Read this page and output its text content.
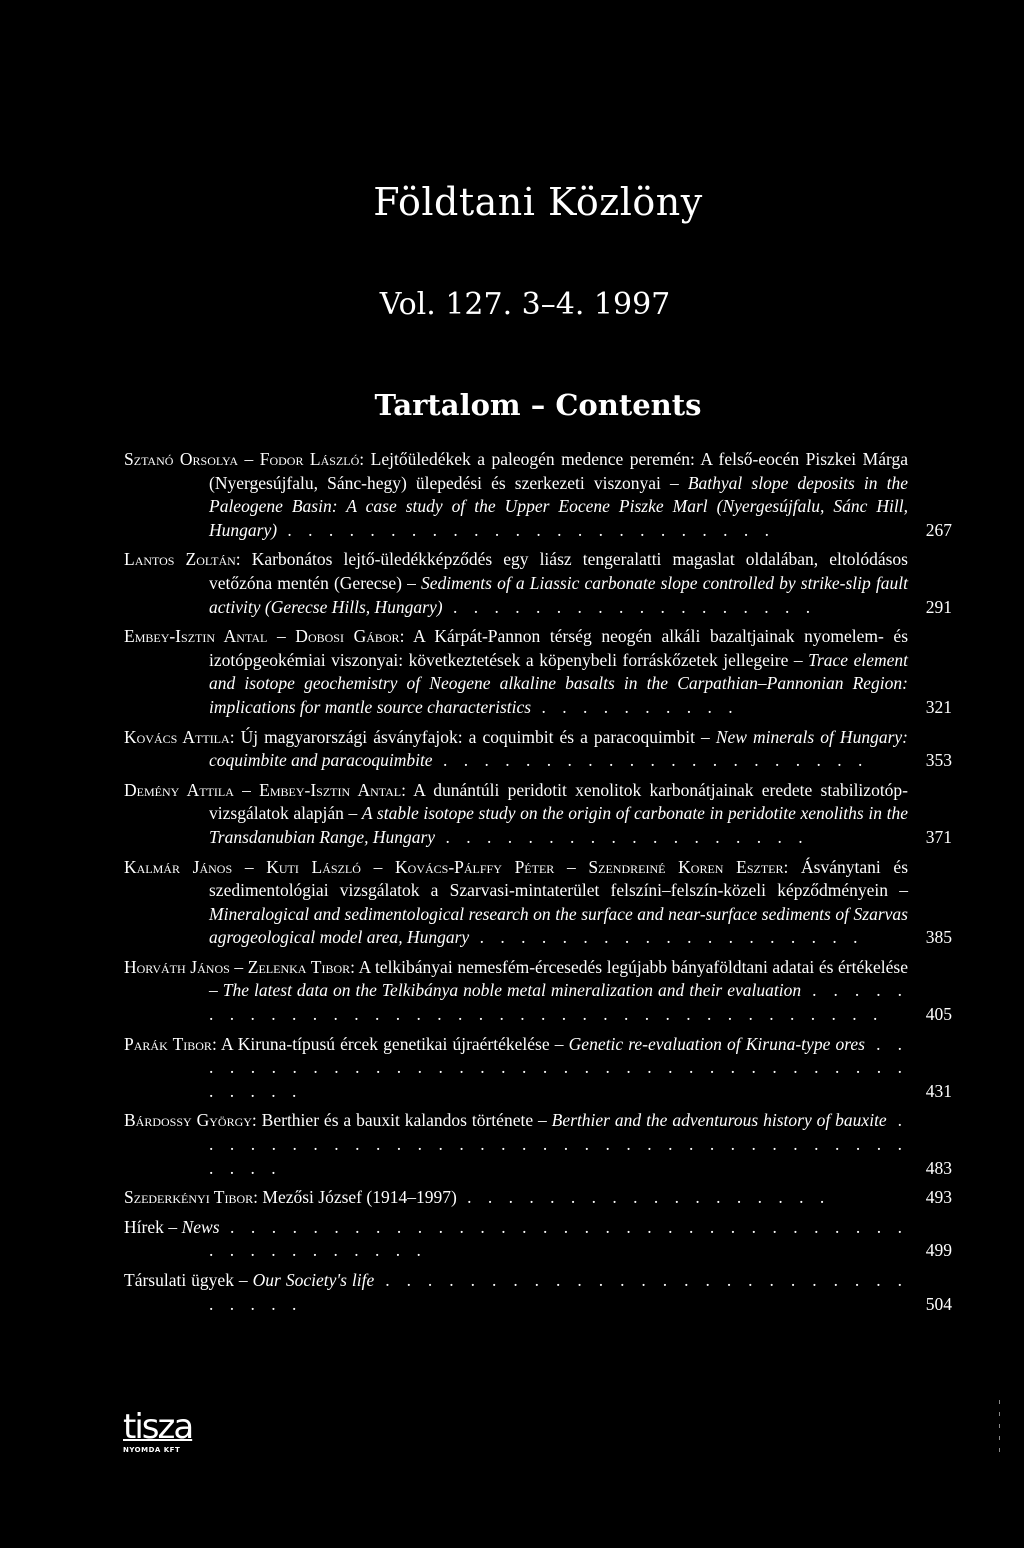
Földtani Közlöny
Vol. 127. 3–4. 1997
Tartalom – Contents
Sztanó Orsolya – Fodor László: Lejtőüledékek a paleogén medence peremén: A felső-eocén Piszkei Márga (Nyergesújfalu, Sánc-hegy) ülepedési és szerkezeti viszonyai – Bathyal slope deposits in the Paleogene Basin: A case study of the Upper Eocene Piszke Marl (Nyergesújfalu, Sánc Hill, Hungary) . . . . . . . . . . . . . . . . . . . . . . . .	267
Lantos Zoltán: Karbonátos lejtő-üledékképződés egy liász tengeralatti magaslat oldalában, eltolódásos vetőzóna mentén (Gerecse) – Sediments of a Liassic carbonate slope controlled by strike-slip fault activity (Gerecse Hills, Hungary) . . . . . . . . . . . . . . . . . .	291
Embey-Isztin Antal – Dobosi Gábor: A Kárpát-Pannon térség neogén alkáli bazaltjainak nyomelem- és izotópgeokémiai viszonyai: következtetések a köpenybeli forráskőzetek jellegeire – Trace element and isotope geochemistry of Neogene alkaline basalts in the Carpathian–Pannonian Region: implications for mantle source characteristics . . . . . . . . . .	321
Kovács Attila: Új magyarországi ásványfajok: a coquimbit és a paracoquimbit – New minerals of Hungary: coquimbite and paracoquimbite . . . . . . . . . . . . . . . . . . . . .	353
Demény Attila – Embey-Isztin Antal: A dunántúli peridotit xenolitok karbonátjainak eredete stabilizotóp-vizsgálatok alapján – A stable isotope study on the origin of carbonate in peridotite xenoliths in the Transdanubian Range, Hungary . . . . . . . . . . . . . . . . . .	371
Kalmár János – Kuti László – Kovács-Pálffy Péter – Szendreiné Koren Eszter: Ásványtani és szedimentológiai vizsgálatok a Szarvasi-mintaterület felszíni–felszín-közeli képződményein – Mineralogical and sedimentological research on the surface and near-surface sediments of Szarvas agrogeological model area, Hungary . . . . . . . . . . . . . . . . . . .	385
Horváth János – Zelenka Tibor: A telkibányai nemesfém-ércesedés legújabb bányaföldtani adatai és értékelése – The latest data on the Telkibánya noble metal mineralization and their evaluation . . . . . . . . . . . . . . . . . . . . . . . . . . . . . . . . . . . . . .	405
Parák Tibor: A Kiruna-típusú ércek genetikai újraértékelése – Genetic re-evaluation of Kiruna-type ores . . . . . . . . . . . . . . . . . . . . . . . . . . . . . . . . . . . . . . . . .	431
Bárdossy György: Berthier és a bauxit kalandos története – Berthier and the adventurous history of bauxite . . . . . . . . . . . . . . . . . . . . . . . . . . . . . . . . . . . . . . .	483
Szederkényi Tibor: Mezősi József (1914–1997) . . . . . . . . . . . . . . . . . .	493
Hírek – News . . . . . . . . . . . . . . . . . . . . . . . . . . . . . . . . . . . . . . . . . . . .	499
Társulati ügyek – Our Society's life . . . . . . . . . . . . . . . . . . . . . . . . . . . . . .	504
tisza
NYOMDA KFT
